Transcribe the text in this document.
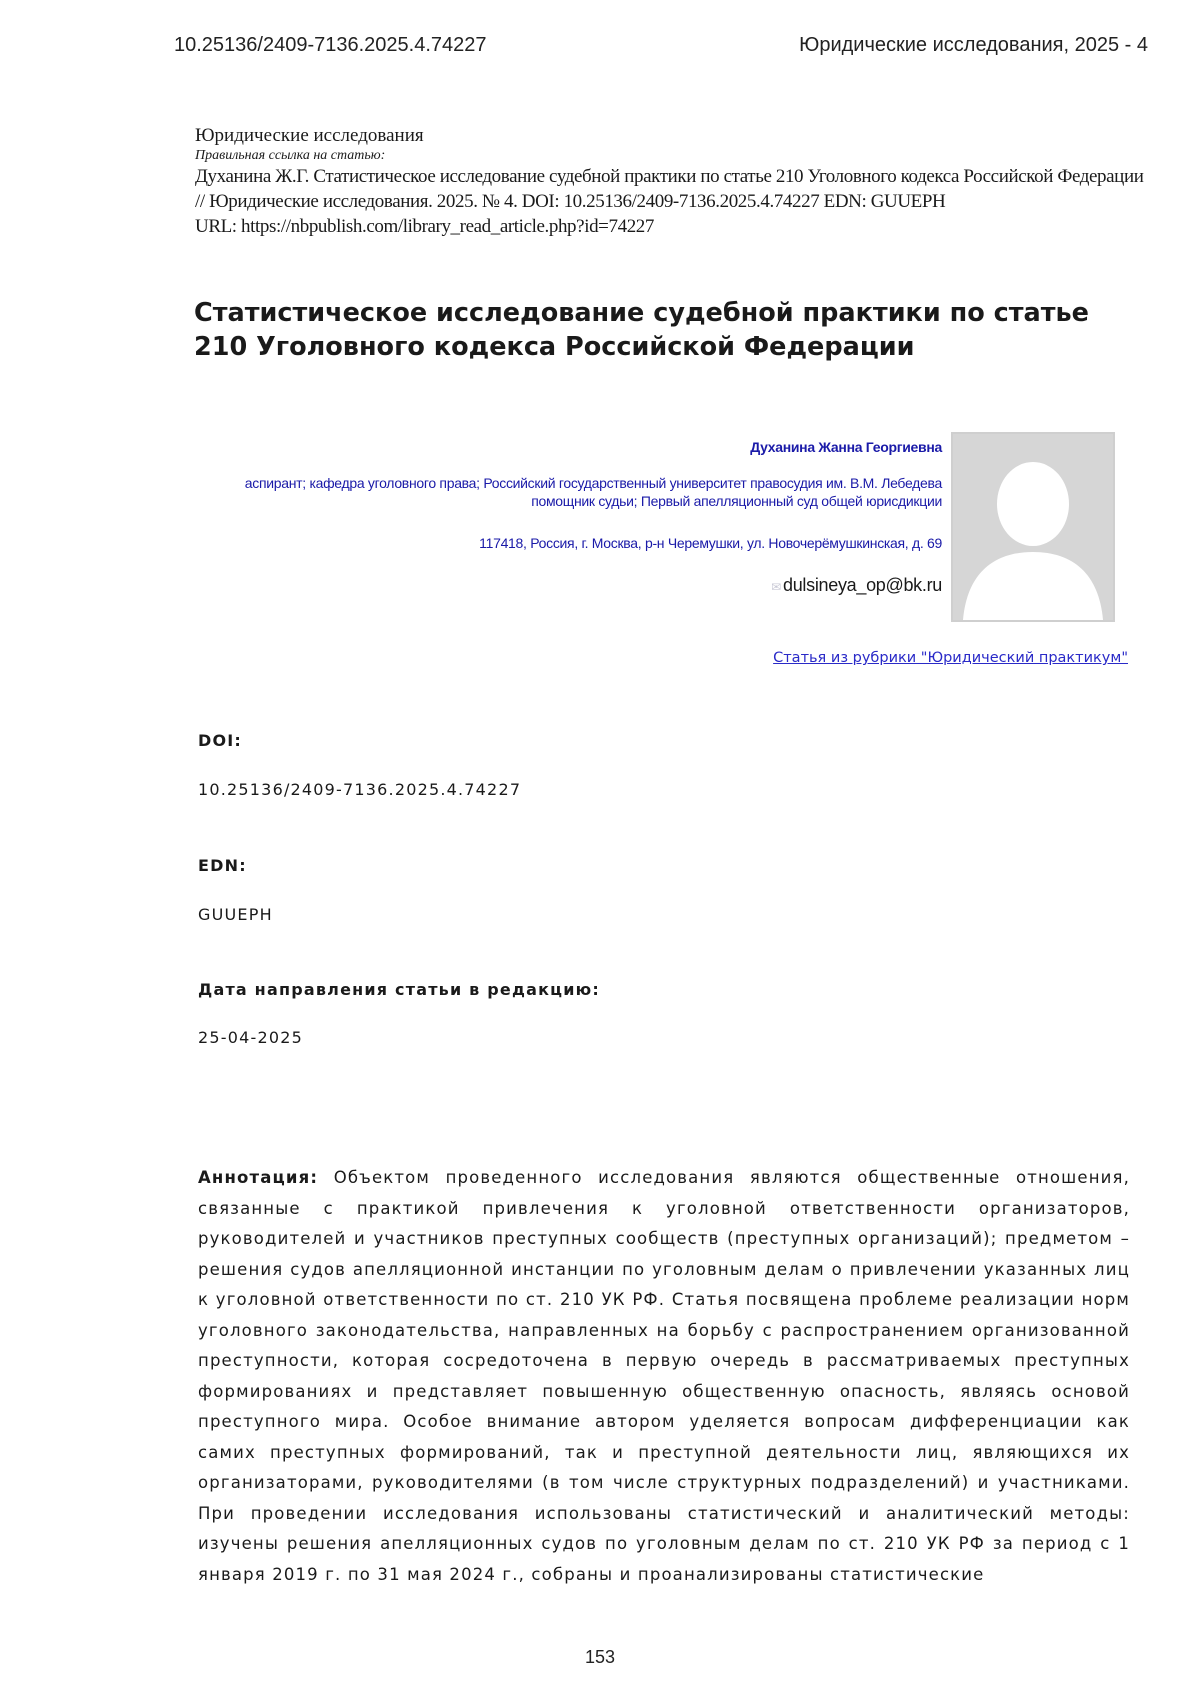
10.25136/2409-7136.2025.4.74227	Юридические исследования, 2025 - 4
Юридические исследования
Правильная ссылка на статью:
Духанина Ж.Г. Статистическое исследование судебной практики по статье 210 Уголовного кодекса Российской Федерации // Юридические исследования. 2025. № 4. DOI: 10.25136/2409-7136.2025.4.74227 EDN: GUUEPH
URL: https://nbpublish.com/library_read_article.php?id=74227
Статистическое исследование судебной практики по статье 210 Уголовного кодекса Российской Федерации
Духанина Жанна Георгиевна
аспирант; кафедра уголовного права; Российский государственный университет правосудия им. В.М. Лебедева
помощник судьи; Первый апелляционный суд общей юрисдикции
117418, Россия, г. Москва, р-н Черемушки, ул. Новочерёмушкинская, д. 69
✉ dulsineya_op@bk.ru
Статья из рубрики "Юридический практикум"
DOI:
10.25136/2409-7136.2025.4.74227
EDN:
GUUEPH
Дата направления статьи в редакцию:
25-04-2025
Аннотация: Объектом проведенного исследования являются общественные отношения, связанные с практикой привлечения к уголовной ответственности организаторов, руководителей и участников преступных сообществ (преступных организаций); предметом – решения судов апелляционной инстанции по уголовным делам о привлечении указанных лиц к уголовной ответственности по ст. 210 УК РФ. Статья посвящена проблеме реализации норм уголовного законодательства, направленных на борьбу с распространением организованной преступности, которая сосредоточена в первую очередь в рассматриваемых преступных формированиях и представляет повышенную общественную опасность, являясь основой преступного мира. Особое внимание автором уделяется вопросам дифференциации как самих преступных формирований, так и преступной деятельности лиц, являющихся их организаторами, руководителями (в том числе структурных подразделений) и участниками. При проведении исследования использованы статистический и аналитический методы: изучены решения апелляционных судов по уголовным делам по ст. 210 УК РФ за период с 1 января 2019 г. по 31 мая 2024 г., собраны и проанализированы статистические
153
